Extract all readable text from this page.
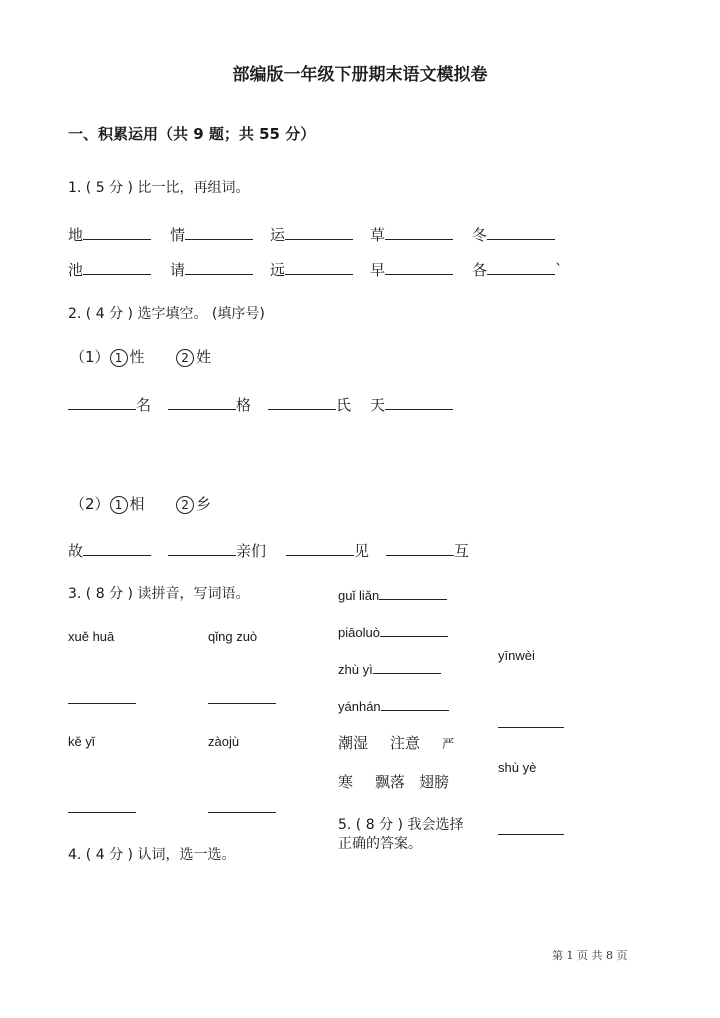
部编版一年级下册期末语文模拟卷
一、积累运用（共 9 题；共 55 分）
1. ( 5 分 ) 比一比，再组词。
地	情	运	草	冬
池	请	远	早	各	`
2. ( 4 分 ) 选字填空。 (填序号)
（1） 1 性	2 姓
名	格	氏 天
（2） 1 相	2 乡
故	亲们	见	互
3. ( 8 分 ) 读拼音，写词语。
xuě huā	qǐng zuò
kě yǐ	zàojù
guǐ liǎn
piāoluò
zhù yì
yánhán
yīnwèi
shù yè
潮湿 注意 严
寒 飘落 翅膀
5. ( 8 分 ) 我会选择
正确的答案。
4. ( 4 分 ) 认词，选一选。
第 1 页 共 8 页
